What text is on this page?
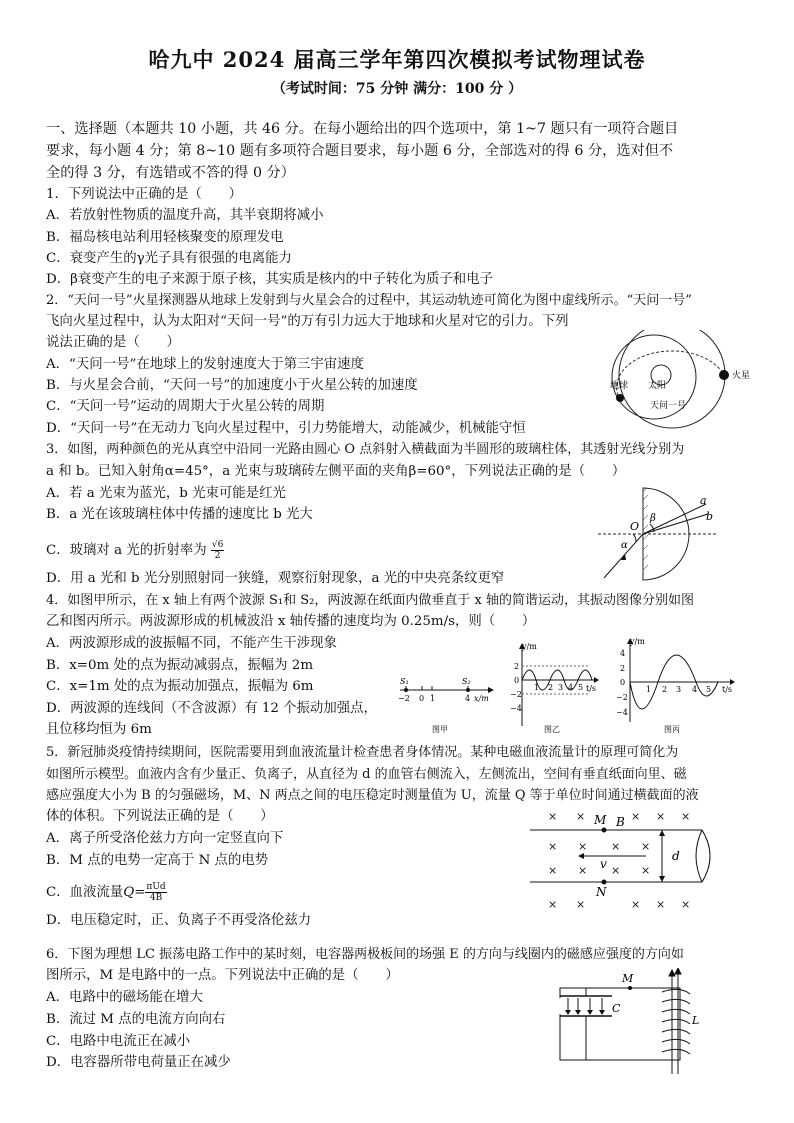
哈九中 2024 届高三学年第四次模拟考试物理试卷
（考试时间：75 分钟 满分：100 分 ）
一、选择题（本题共 10 小题，共 46 分。在每小题给出的四个选项中，第 1~7 题只有一项符合题目
要求，每小题 4 分；第 8~10 题有多项符合题目要求，每小题 6 分，全部选对的得 6 分，选对但不
全的得 3 分，有选错或不答的得 0 分）
1．下列说法中正确的是（　　）
A．若放射性物质的温度升高，其半衰期将减小
B．福岛核电站利用轻核聚变的原理发电
C．衰变产生的γ光子具有很强的电离能力
D．β衰变产生的电子来源于原子核，其实质是核内的中子转化为质子和电子
2．“天问一号”火星探测器从地球上发射到与火星会合的过程中，其运动轨迹可简化为图中虚线所示。“天问一号”
飞向火星过程中，认为太阳对“天问一号”的万有引力远大于地球和火星对它的引力。下列
说法正确的是（　　）
A．“天问一号”在地球上的发射速度大于第三宇宙速度
B．与火星会合前，“天问一号”的加速度小于火星公转的加速度
C．“天问一号”运动的周期大于火星公转的周期
D．“天问一号”在无动力飞向火星过程中，引力势能增大，动能减少，机械能守恒
地球 太阳
火星
天问一号
3．如图，两种颜色的光从真空中沿同一光路由圆心 O 点斜射入横截面为半圆形的玻璃柱体，其透射光线分别为
a 和 b。已知入射角α=45°，a 光束与玻璃砖左侧平面的夹角β=60°，下列说法正确的是（　　）
A．若 a 光束为蓝光，b 光束可能是红光
B．a 光在该玻璃柱体中传播的速度比 b 光大
C．玻璃对 a 光的折射率为 $\frac{√6}{2}$
D．用 a 光和 b 光分别照射同一狭缝，观察衍射现象，a 光的中央亮条纹更窄
O
α
β
a
b
4．如图甲所示，在 x 轴上有两个波源 S₁和 S₂，两波源在纸面内做垂直于 x 轴的简谐运动，其振动图像分别如图
乙和图丙所示。两波源形成的机械波沿 x 轴传播的速度均为 0.25m/s，则（　　）
A．两波源形成的波振幅不同，不能产生干涉现象
B．x=0m 处的点为振动减弱点，振幅为 2m
C．x=1m 处的点为振动加强点，振幅为 6m
D．两波源的连线间（不含波源）有 12 个振动加强点，
且位移均恒为 6m
S₁	S₂
−2 0 1	4 x/m
图甲
y/m
t/s
2
0
−2
−4
1 2 3 4 5
图乙
y/m
t/s
4
2
0
−2
−4
1 2 3 4 5
图丙
5．新冠肺炎疫情持续期间，医院需要用到血液流量计检查患者身体情况。某种电磁血液流量计的原理可简化为
如图所示模型。血液内含有少量正、负离子，从直径为 d 的血管右侧流入，左侧流出，空间有垂直纸面向里、磁
感应强度大小为 B 的匀强磁场，M、N 两点之间的电压稳定时测量值为 U，流量 Q 等于单位时间通过横截面的液
体的体积。下列说法正确的是（　　）
A．离子所受洛伦兹力方向一定竖直向下
B．M 点的电势一定高于 N 点的电势
C．血液流量Q= πUd
4B
D．电压稳定时，正、负离子不再受洛伦兹力
× ×	× × ×
× × × ×
× × × ×
× ×	× × ×
M
N
B
v
d
6．下图为理想 LC 振荡电路工作中的某时刻，电容器两极板间的场强 E 的方向与线圈内的磁感应强度的方向如
图所示，M 是电路中的一点。下列说法中正确的是（　　）
A．电路中的磁场能在增大
B．流过 M 点的电流方向向右
C．电路中电流正在减小
D．电容器所带电荷量正在减少
M
C
L
